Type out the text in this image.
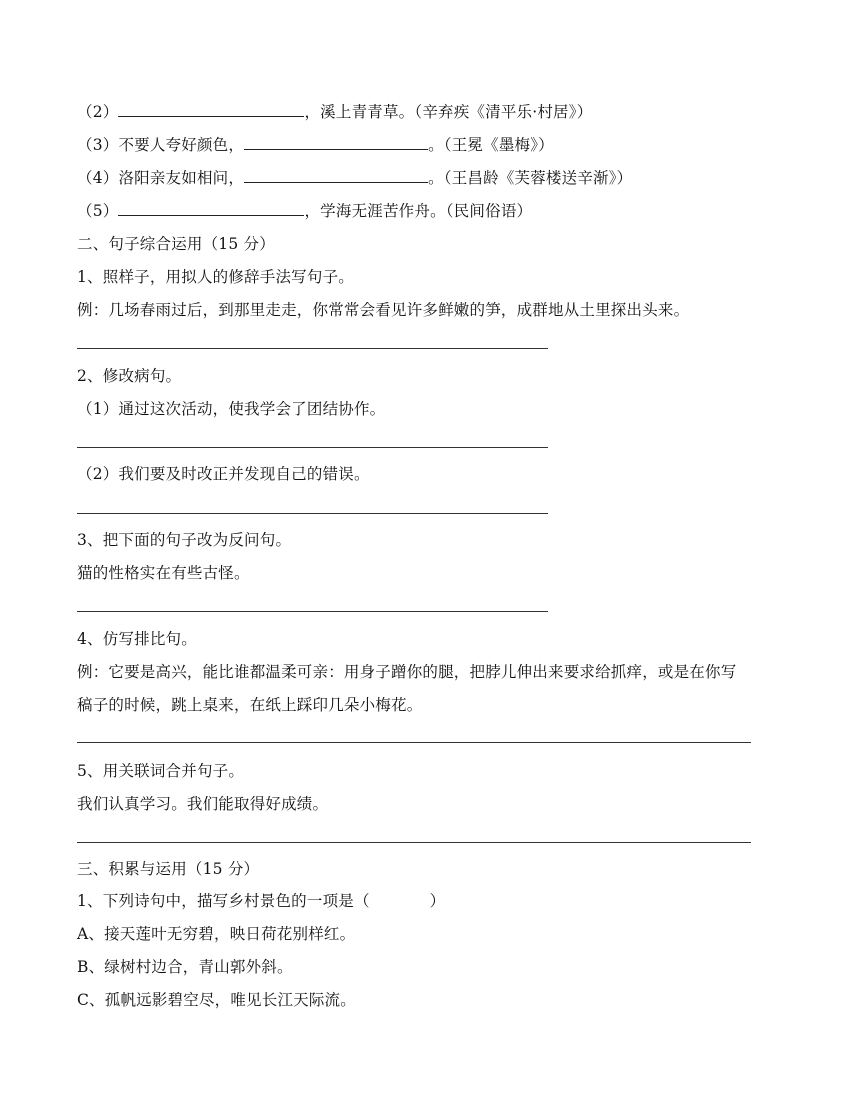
（2）	，溪上青青草。（辛弃疾《清平乐·村居》）
（3）不要人夸好颜色，	。（王冕《墨梅》）
（4）洛阳亲友如相问，	。（王昌龄《芙蓉楼送辛渐》）
（5）	，学海无涯苦作舟。（民间俗语）
二、句子综合运用（15 分）
1、照样子，用拟人的修辞手法写句子。
例：几场春雨过后，到那里走走，你常常会看见许多鲜嫩的笋，成群地从土里探出头来。
2、修改病句。
（1）通过这次活动，使我学会了团结协作。
（2）我们要及时改正并发现自己的错误。
3、把下面的句子改为反问句。
猫的性格实在有些古怪。
4、仿写排比句。
例：它要是高兴，能比谁都温柔可亲：用身子蹭你的腿，把脖儿伸出来要求给抓痒，或是在你写
稿子的时候，跳上桌来，在纸上踩印几朵小梅花。
5、用关联词合并句子。
我们认真学习。我们能取得好成绩。
三、积累与运用（15 分）
1、下列诗句中，描写乡村景色的一项是（	）
A、接天莲叶无穷碧，映日荷花别样红。
B、绿树村边合，青山郭外斜。
C、孤帆远影碧空尽，唯见长江天际流。
